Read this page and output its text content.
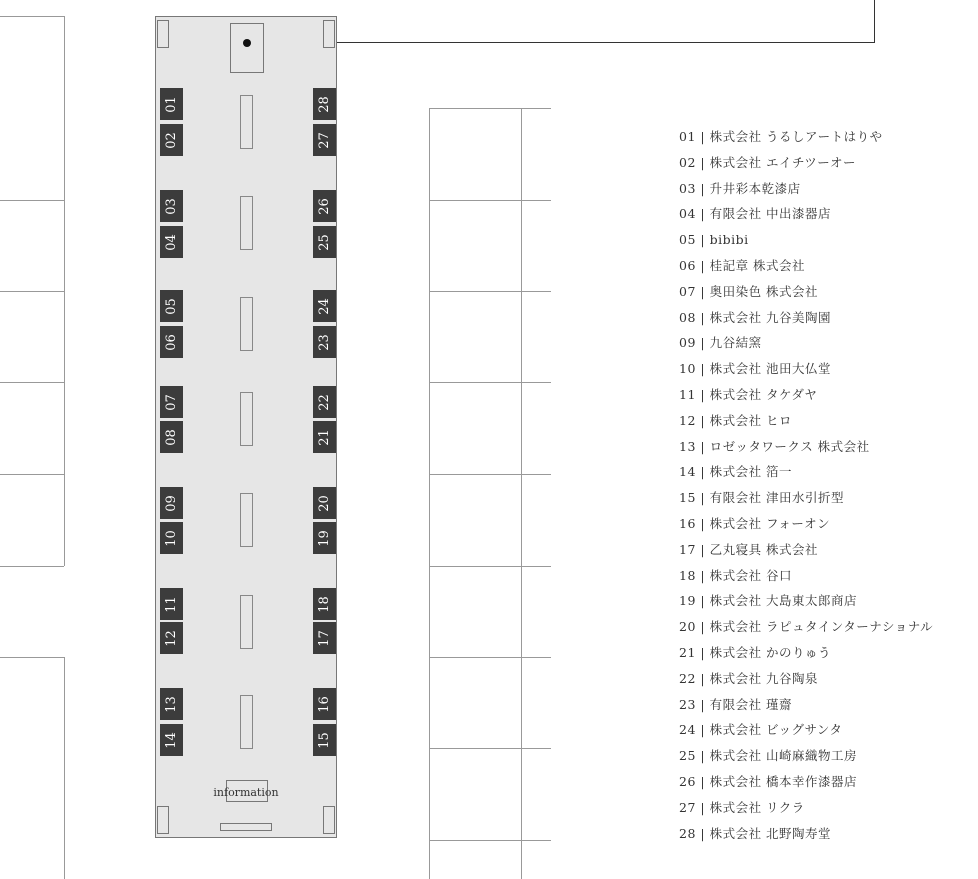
01
02
03
04
05
06
07
08
09
10
11
12
13
14
28
27
26
25
24
23
22
21
20
19
18
17
16
15
information
01 | 株式会社 うるしアートはりや
02 | 株式会社 エイチツーオー
03 | 升井彩本乾漆店
04 | 有限会社 中出漆器店
05 | bibibi
06 | 桂記章 株式会社
07 | 奥田染色 株式会社
08 | 株式会社 九谷美陶園
09 | 九谷結窯
10 | 株式会社 池田大仏堂
11 | 株式会社 タケダヤ
12 | 株式会社 ヒロ
13 | ロゼッタワークス 株式会社
14 | 株式会社 箔一
15 | 有限会社 津田水引折型
16 | 株式会社 フォーオン
17 | 乙丸寝具 株式会社
18 | 株式会社 谷口
19 | 株式会社 大島東太郎商店
20 | 株式会社 ラピュタインターナショナル
21 | 株式会社 かのりゅう
22 | 株式会社 九谷陶泉
23 | 有限会社 瑾齋
24 | 株式会社 ビッグサンタ
25 | 株式会社 山崎麻織物工房
26 | 株式会社 橋本幸作漆器店
27 | 株式会社 リクラ
28 | 株式会社 北野陶寿堂
